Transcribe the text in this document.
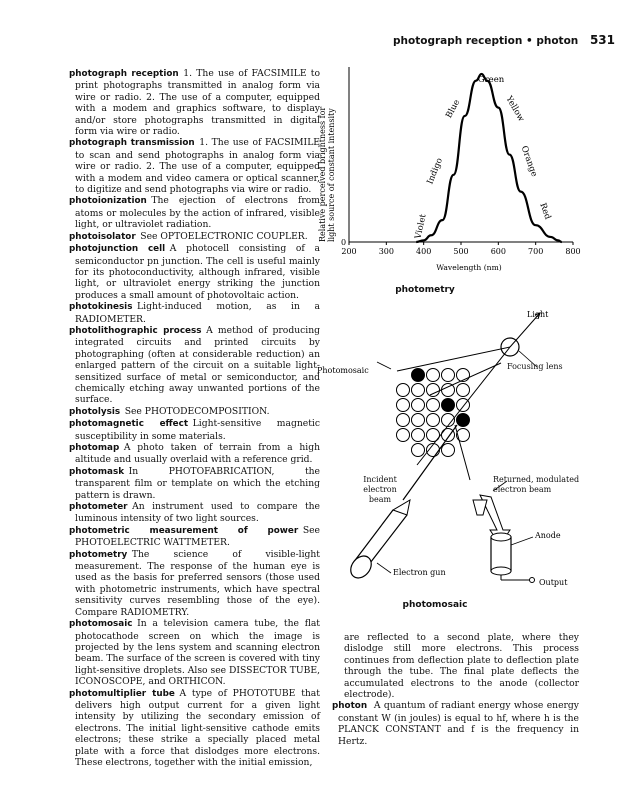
photograph reception • photon 531

photograph reception  1. The use of FACSIMILE to print photographs transmitted in analog form via wire or radio. 2. The use of a computer, equipped with a modem and graphics software, to display and/or store photographs transmitted in digital form via wire or radio.

photograph transmission  1. The use of FACSIMILE to scan and send photographs in analog form via wire or radio. 2. The use of a computer, equipped with a modem and video camera or optical scanner, to digitize and send photographs via wire or radio.

photoionization  The ejection of electrons from atoms or molecules by the action of infrared, visible light, or ultraviolet radiation.

photoisolator  See OPTOELECTRONIC COUPLER.

photojunction cell  A photocell consisting of a semiconductor pn junction. The cell is useful mainly for its photoconductivity, although infrared, visible light, or ultraviolet energy striking the junction produces a small amount of photovoltaic action.

photokinesis  Light-induced motion, as in a RADIOMETER.

photolithographic process  A method of producing integrated circuits and printed circuits by photographing (often at considerable reduction) an enlarged pattern of the circuit on a suitable light-sensitized surface of metal or semiconductor, and chemically etching away unwanted portions of the surface.

photolysis  See PHOTODECOMPOSITION.

photomagnetic effect  Light-sensitive magnetic susceptibility in some materials.

photomap  A photo taken of terrain from a high altitude and usually overlaid with a reference grid.

photomask  In PHOTOFABRICATION, the transparent film or template on which the etching pattern is drawn.

photometer  An instrument used to compare the luminous intensity of two light sources.

photometric measurement of power  See PHOTOELECTRIC WATTMETER.

photometry  The science of visible-light measurement. The response of the human eye is used as the basis for preferred sensors (those used with photometric instruments, which have spectral sensitivity curves resembling those of the eye). Compare RADIOMETRY.

photomosaic  In a television camera tube, the flat photocathode screen on which the image is projected by the lens system and scanning electron beam. The surface of the screen is covered with tiny light-sensitive droplets. Also see DISSECTOR TUBE, ICONOSCOPE, and ORTHICON.

photomultiplier tube  A type of PHOTOTUBE that delivers high output current for a given light intensity by utilizing the secondary emission of electrons. The initial light-sensitive cathode emits electrons; these strike a specially placed metal plate with a force that dislodges more electrons. These electrons, together with the initial emission,

Relative perceived brightness for light source of constant intensity
200	300	400	500	600	700	800
0
Wavelength (nm)
Violet
Indigo
Blue
Green
Yellow
Orange
Red
photometry
Light
Photomosaic	Focusing lens
Incident electron beam
Returned, modulated electron beam
Anode
Electron gun
Output
photomosaic

are reflected to a second plate, where they dislodge still more electrons. This process continues from deflection plate to deflection plate through the tube. The final plate deflects the accumulated electrons to the anode (collector electrode).

photon A quantum of radiant energy whose energy constant W (in joules) is equal to hf, where h is the PLANCK CONSTANT and f is the frequency in Hertz.
